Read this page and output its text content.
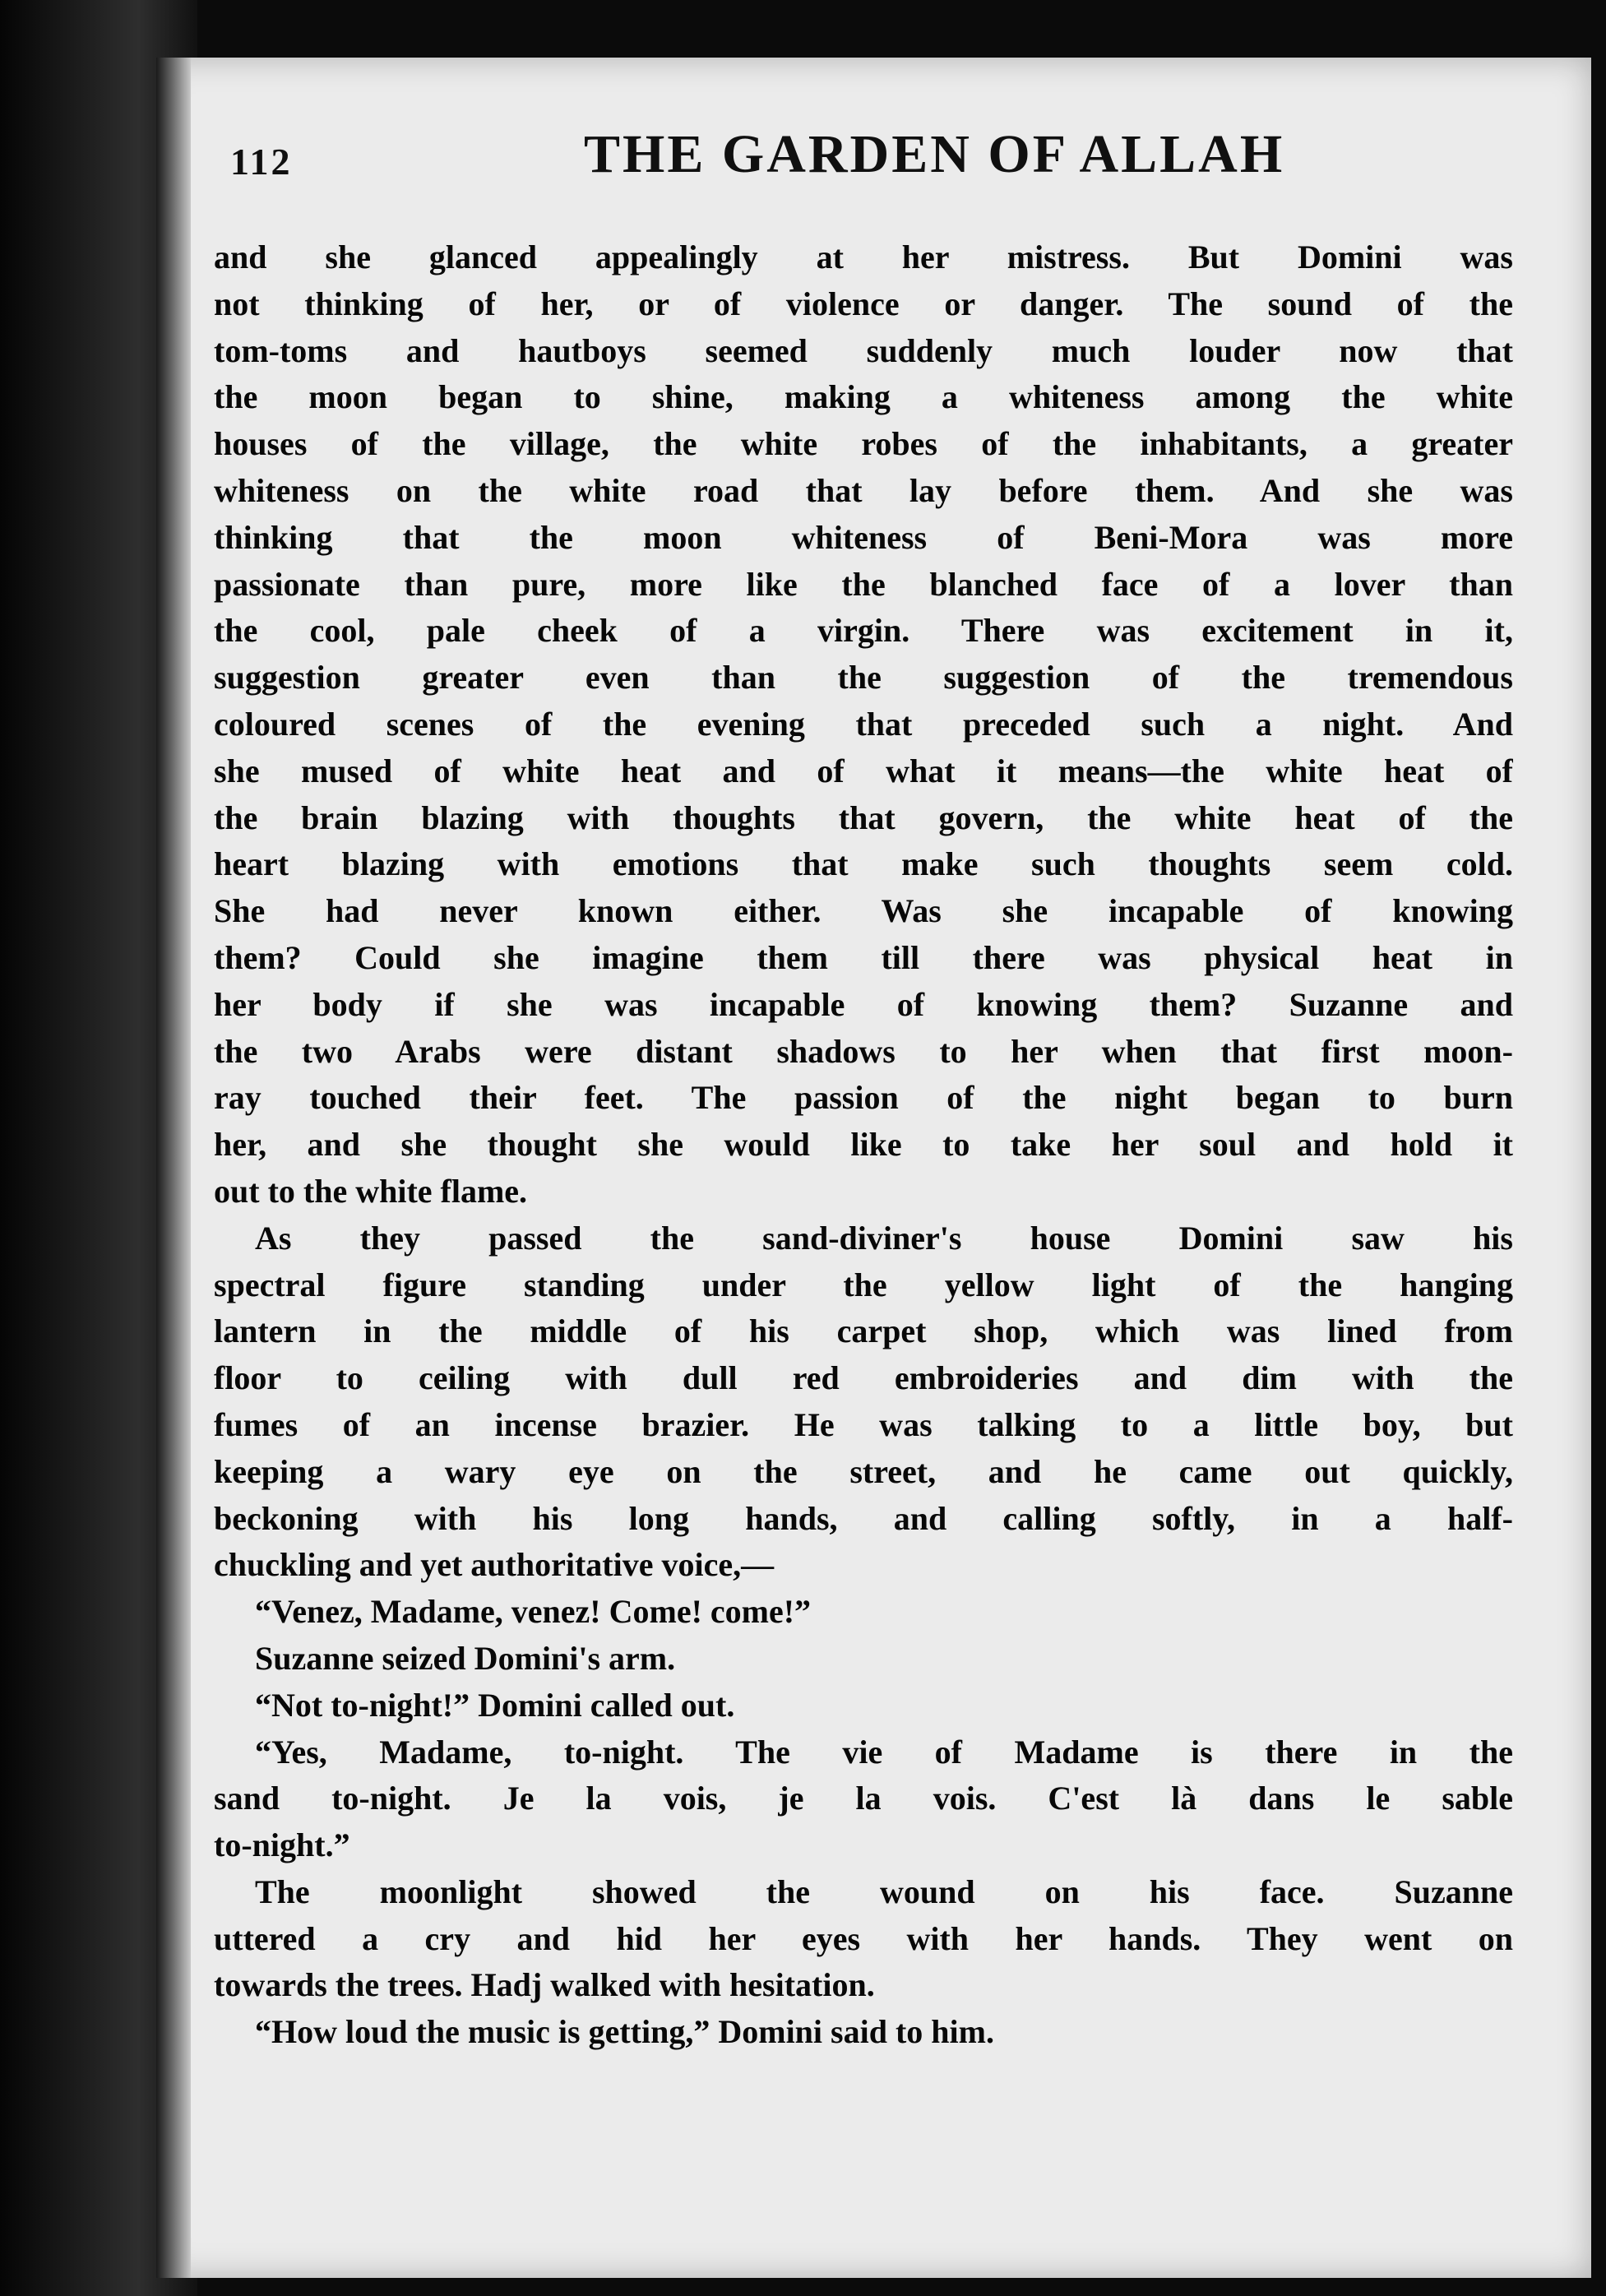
112	THE GARDEN OF ALLAH
and she glanced appealingly at her mistress. But Domini was
not thinking of her, or of violence or danger. The sound of the
tom-toms and hautboys seemed suddenly much louder now that
the moon began to shine, making a whiteness among the white
houses of the village, the white robes of the inhabitants, a greater
whiteness on the white road that lay before them. And she was
thinking that the moon whiteness of Beni-Mora was more
passionate than pure, more like the blanched face of a lover than
the cool, pale cheek of a virgin. There was excitement in it,
suggestion greater even than the suggestion of the tremendous
coloured scenes of the evening that preceded such a night. And
she mused of white heat and of what it means—the white heat of
the brain blazing with thoughts that govern, the white heat of the
heart blazing with emotions that make such thoughts seem cold.
She had never known either. Was she incapable of knowing
them? Could she imagine them till there was physical heat in
her body if she was incapable of knowing them? Suzanne and
the two Arabs were distant shadows to her when that first moon-
ray touched their feet. The passion of the night began to burn
her, and she thought she would like to take her soul and hold it
out to the white flame.
As they passed the sand-diviner's house Domini saw his
spectral figure standing under the yellow light of the hanging
lantern in the middle of his carpet shop, which was lined from
floor to ceiling with dull red embroideries and dim with the
fumes of an incense brazier. He was talking to a little boy, but
keeping a wary eye on the street, and he came out quickly,
beckoning with his long hands, and calling softly, in a half-
chuckling and yet authoritative voice,—
“Venez, Madame, venez! Come! come!”
Suzanne seized Domini's arm.
“Not to-night!” Domini called out.
“Yes, Madame, to-night. The vie of Madame is there in the
sand to-night. Je la vois, je la vois. C'est là dans le sable
to-night.”
The moonlight showed the wound on his face. Suzanne
uttered a cry and hid her eyes with her hands. They went on
towards the trees. Hadj walked with hesitation.
“How loud the music is getting,” Domini said to him.
